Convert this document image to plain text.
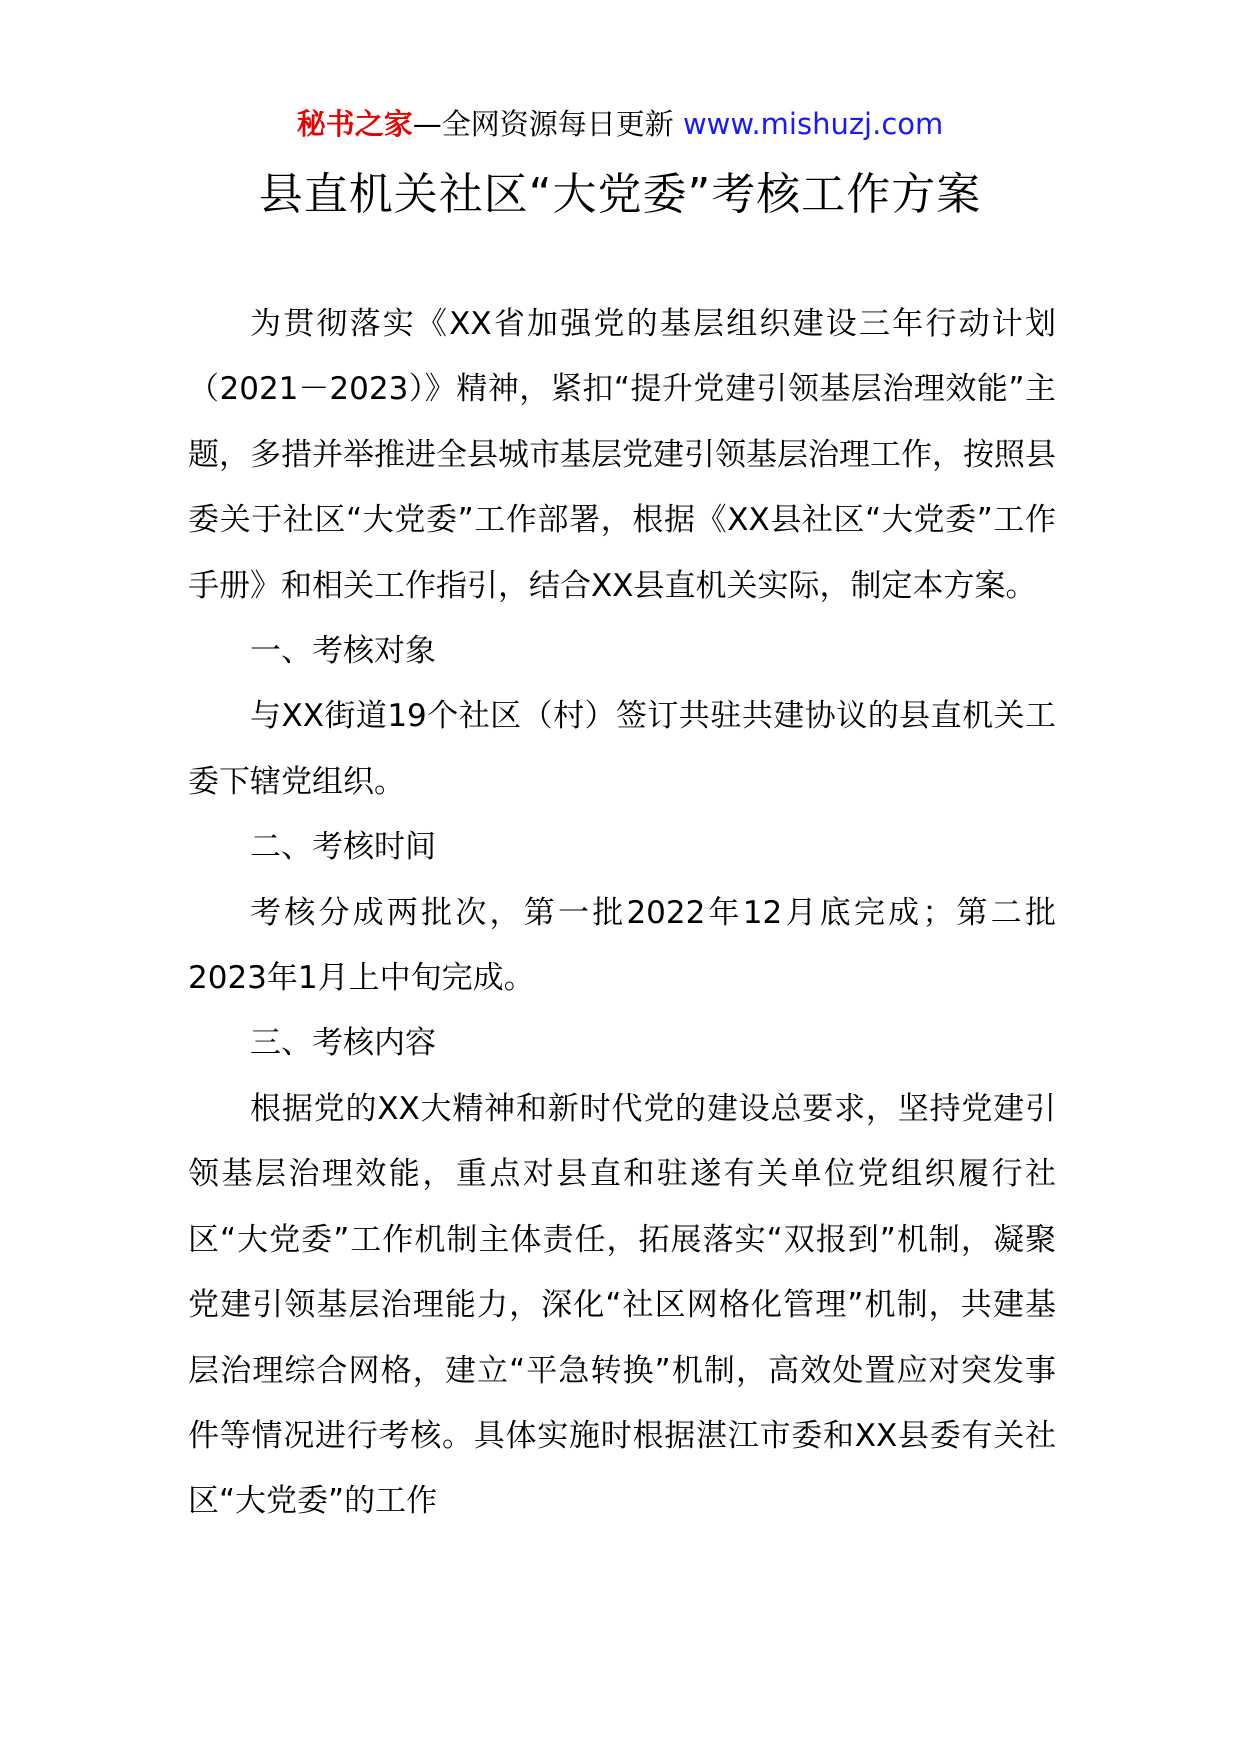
秘书之家—全网资源每日更新 www.mishuzj.com
县直机关社区“大党委”考核工作方案

为贯彻落实《XX省加强党的基层组织建设三年行动计划（2021－2023）》精神，紧扣“提升党建引领基层治理效能”主题，多措并举推进全县城市基层党建引领基层治理工作，按照县委关于社区“大党委”工作部署，根据《XX县社区“大党委”工作手册》和相关工作指引，结合XX县直机关实际，制定本方案。

一、考核对象

与XX街道19个社区（村）签订共驻共建协议的县直机关工委下辖党组织。

二、考核时间

考核分成两批次，第一批2022年12月底完成；第二批2023年1月上中旬完成。

三、考核内容

根据党的XX大精神和新时代党的建设总要求，坚持党建引领基层治理效能，重点对县直和驻遂有关单位党组织履行社区“大党委”工作机制主体责任，拓展落实“双报到”机制，凝聚党建引领基层治理能力，深化“社区网格化管理”机制，共建基层治理综合网格，建立“平急转换”机制，高效处置应对突发事件等情况进行考核。具体实施时根据湛江市委和XX县委有关社区“大党委”的工作
